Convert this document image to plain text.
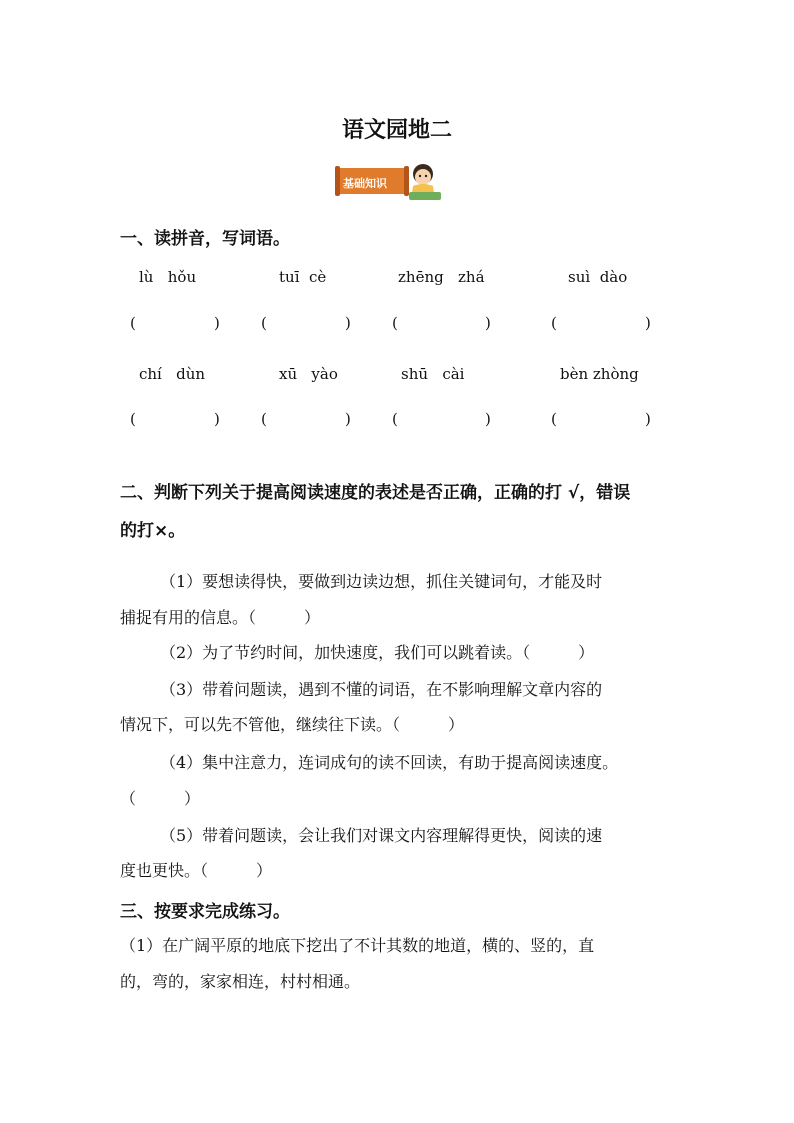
语文园地二
基础知识
一、读拼音，写词语。
lù   hǒu	tuī  cè	zhēng   zhá	suì  dào
(	)	(	)	(	)	(	)
chí   dùn	xū   yào	shū   cài	bèn zhòng
(	)	(	)	(	)	(	)
二、判断下列关于提高阅读速度的表述是否正确，正确的打 √，错误
的打×。
（1）要想读得快，要做到边读边想，抓住关键词句，才能及时
捕捉有用的信息。（　　　）
（2）为了节约时间，加快速度，我们可以跳着读。（　　　）
（3）带着问题读，遇到不懂的词语，在不影响理解文章内容的
情况下，可以先不管他，继续往下读。（　　　）
（4）集中注意力，连词成句的读不回读，有助于提高阅读速度。
（　　　）
（5）带着问题读，会让我们对课文内容理解得更快，阅读的速
度也更快。（　　　）
三、按要求完成练习。
（1）在广阔平原的地底下挖出了不计其数的地道，横的、竖的，直
的，弯的，家家相连，村村相通。
